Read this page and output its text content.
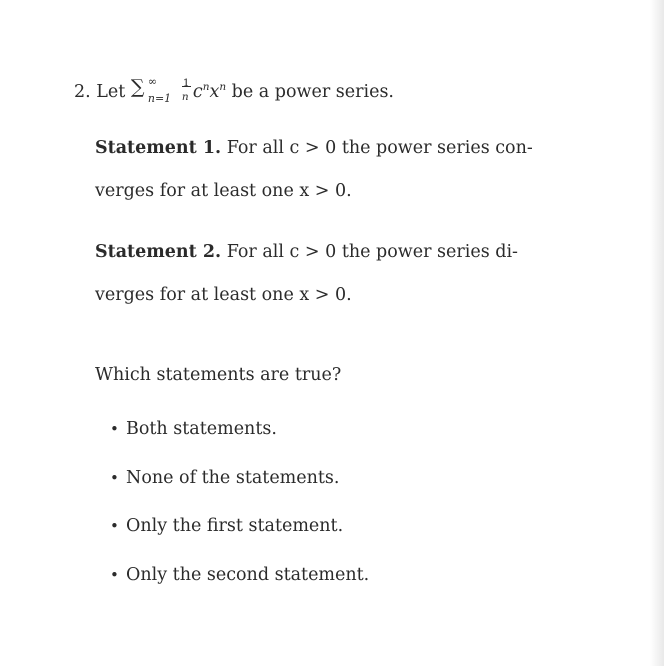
2. Let ∑ ∞
n=1
1
n $c^nx^n$ be a power series.
Statement 1. For all c > 0 the power series con-
verges for at least one x > 0.
Statement 2. For all c > 0 the power series di-
verges for at least one x > 0.
Which statements are true?
• Both statements.
• None of the statements.
• Only the first statement.
• Only the second statement.
